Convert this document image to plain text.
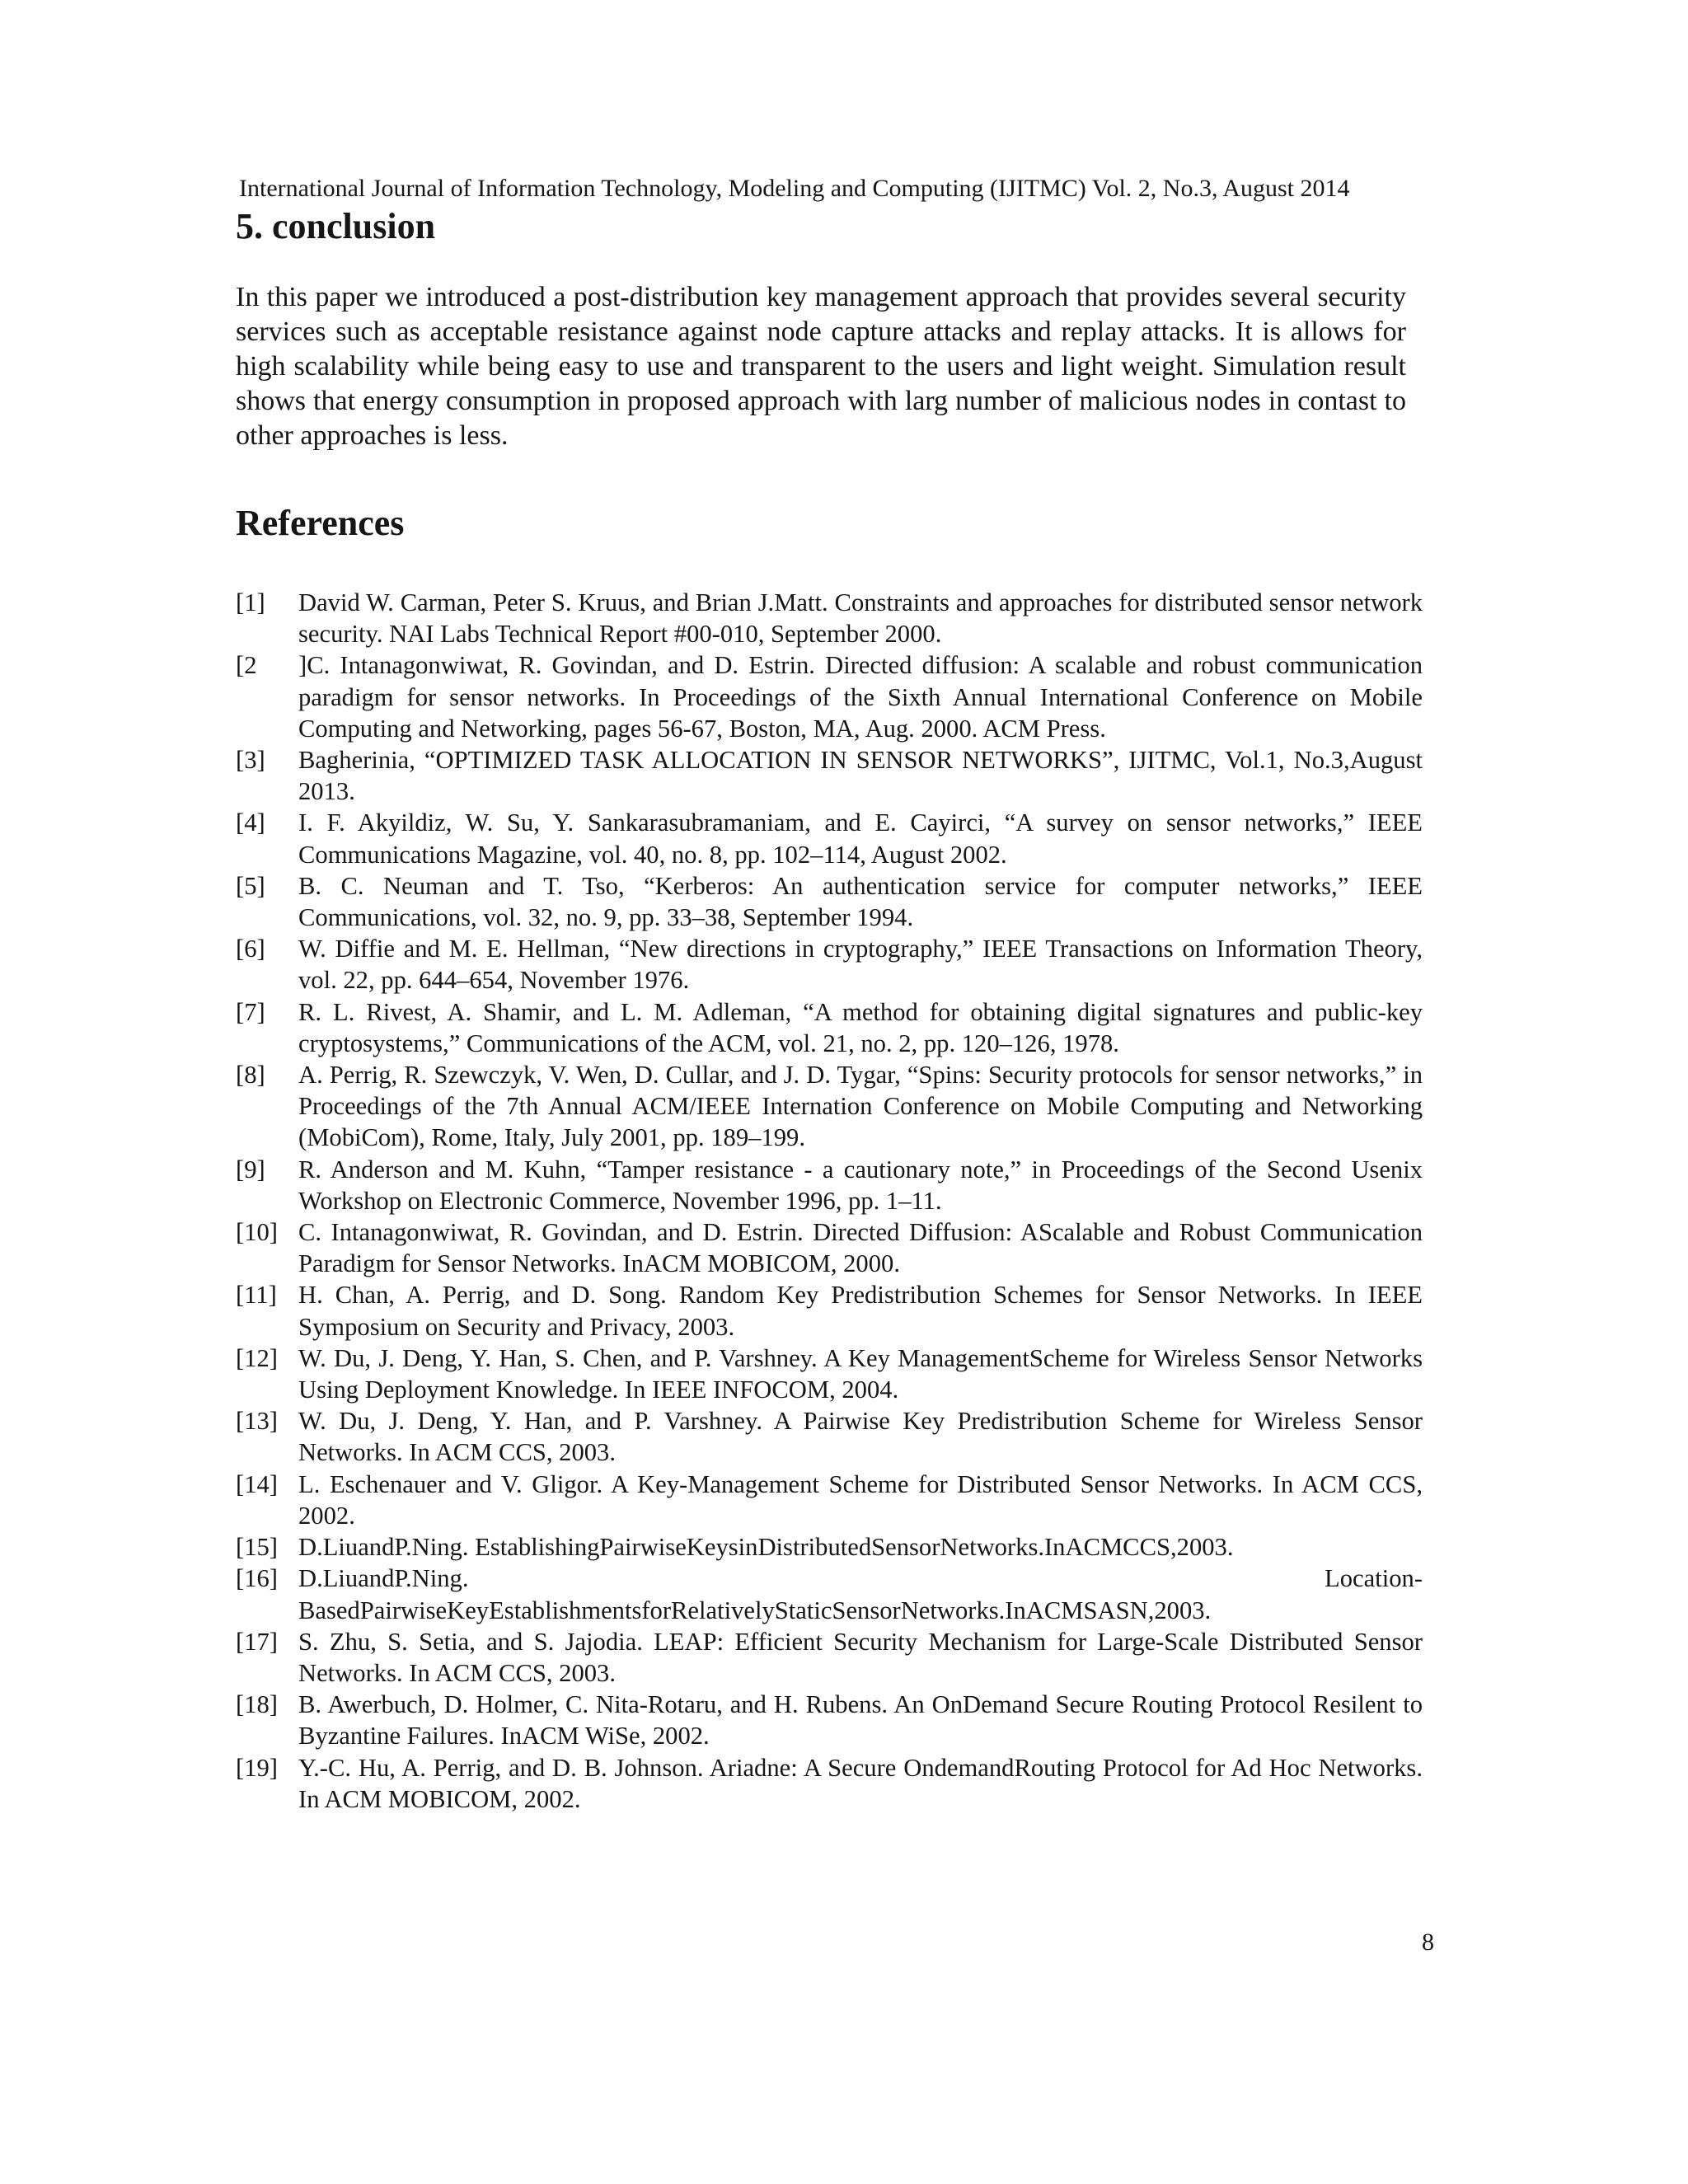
International Journal of Information Technology, Modeling and Computing (IJITMC) Vol. 2, No.3, August 2014
5. conclusion

In this paper we introduced a post-distribution key management approach that provides several security services such as acceptable resistance against node capture attacks and replay attacks. It is allows for high scalability while being easy to use and transparent to the users and light weight. Simulation result shows that energy consumption in proposed approach with larg number of malicious nodes in contast to other approaches is less.

References
[1] David W. Carman, Peter S. Kruus, and Brian J.Matt. Constraints and approaches for distributed sensor network security. NAI Labs Technical Report #00-010, September 2000.
[2 ]C. Intanagonwiwat, R. Govindan, and D. Estrin. Directed diffusion: A scalable and robust communication paradigm for sensor networks. In Proceedings of the Sixth Annual International Conference on Mobile Computing and Networking, pages 56-67, Boston, MA, Aug. 2000. ACM Press.
[3] Bagherinia, “OPTIMIZED TASK ALLOCATION IN SENSOR NETWORKS”, IJITMC, Vol.1, No.3,August 2013.
[4] I. F. Akyildiz, W. Su, Y. Sankarasubramaniam, and E. Cayirci, “A survey on sensor networks,” IEEE Communications Magazine, vol. 40, no. 8, pp. 102–114, August 2002.
[5] B. C. Neuman and T. Tso, “Kerberos: An authentication service for computer networks,” IEEE Communications, vol. 32, no. 9, pp. 33–38, September 1994.
[6] W. Diffie and M. E. Hellman, “New directions in cryptography,” IEEE Transactions on Information Theory, vol. 22, pp. 644–654, November 1976.
[7] R. L. Rivest, A. Shamir, and L. M. Adleman, “A method for obtaining digital signatures and public-key cryptosystems,” Communications of the ACM, vol. 21, no. 2, pp. 120–126, 1978.
[8] A. Perrig, R. Szewczyk, V. Wen, D. Cullar, and J. D. Tygar, “Spins: Security protocols for sensor networks,” in Proceedings of the 7th Annual ACM/IEEE Internation Conference on Mobile Computing and Networking (MobiCom), Rome, Italy, July 2001, pp. 189–199.
[9] R. Anderson and M. Kuhn, “Tamper resistance - a cautionary note,” in Proceedings of the Second Usenix Workshop on Electronic Commerce, November 1996, pp. 1–11.
[10] C. Intanagonwiwat, R. Govindan, and D. Estrin. Directed Diffusion: AScalable and Robust Communication Paradigm for Sensor Networks. InACM MOBICOM, 2000.
[11] H. Chan, A. Perrig, and D. Song. Random Key Predistribution Schemes for Sensor Networks. In IEEE Symposium on Security and Privacy, 2003.
[12] W. Du, J. Deng, Y. Han, S. Chen, and P. Varshney. A Key ManagementScheme for Wireless Sensor Networks Using Deployment Knowledge. In IEEE INFOCOM, 2004.
[13] W. Du, J. Deng, Y. Han, and P. Varshney. A Pairwise Key Predistribution Scheme for Wireless Sensor Networks. In ACM CCS, 2003.
[14] L. Eschenauer and V. Gligor. A Key-Management Scheme for Distributed Sensor Networks. In ACM CCS, 2002.
[15] D.LiuandP.Ning. EstablishingPairwiseKeysinDistributedSensorNetworks.InACMCCS,2003.
[16] D.LiuandP.Ning. Location-BasedPairwiseKeyEstablishmentsforRelativelyStaticSensorNetworks.InACMSASN,2003.
[17] S. Zhu, S. Setia, and S. Jajodia. LEAP: Efficient Security Mechanism for Large-Scale Distributed Sensor Networks. In ACM CCS, 2003.
[18] B. Awerbuch, D. Holmer, C. Nita-Rotaru, and H. Rubens. An OnDemand Secure Routing Protocol Resilent to Byzantine Failures. InACM WiSe, 2002.
[19] Y.-C. Hu, A. Perrig, and D. B. Johnson. Ariadne: A Secure OndemandRouting Protocol for Ad Hoc Networks. In ACM MOBICOM, 2002.
8
